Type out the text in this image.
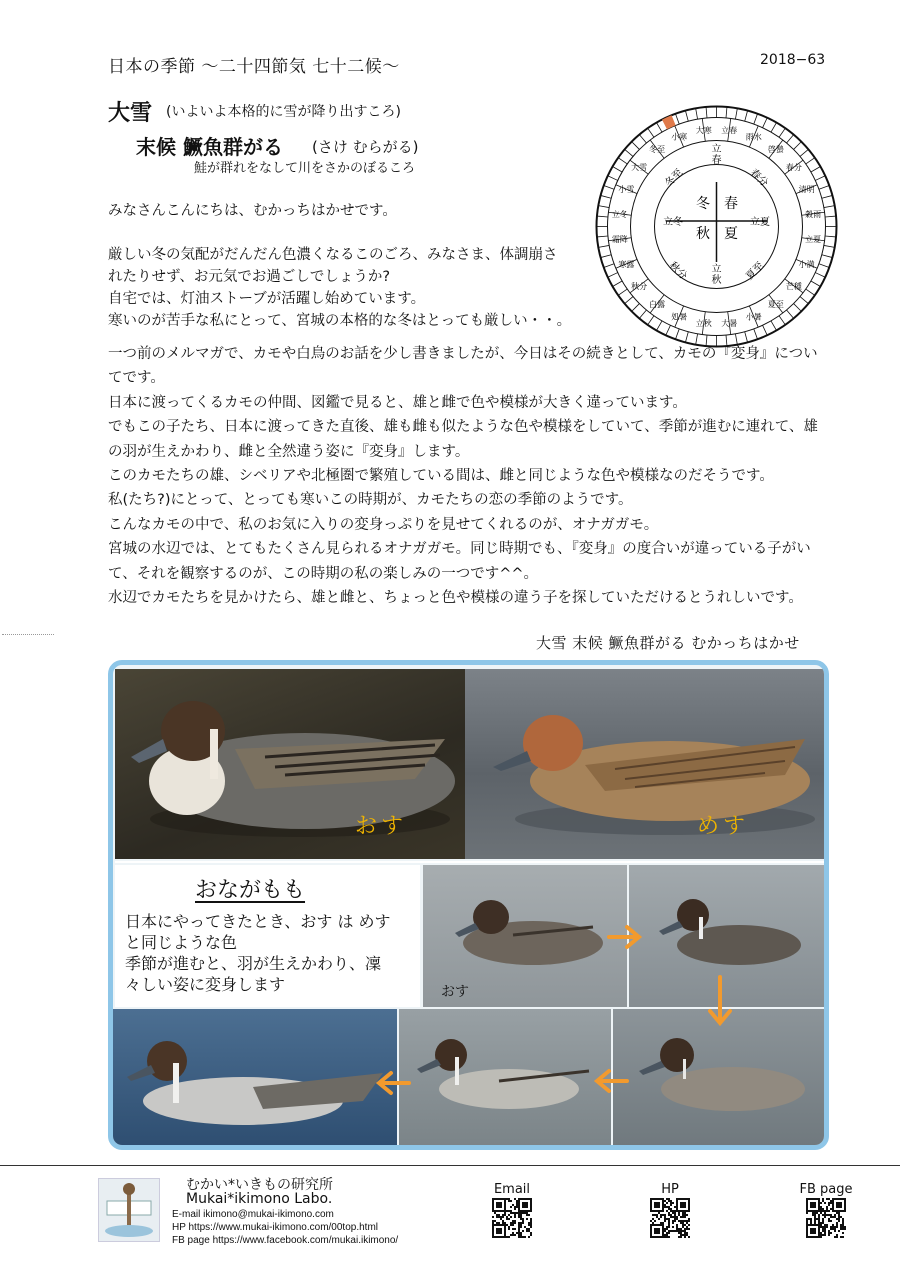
日本の季節 〜二十四節気 七十二候〜	2018−63
大雪 (いよいよ本格的に雪が降り出すころ)
末候 鱖魚群がる (さけ むらがる)
鮭が群れをなして川をさかのぼるころ

みなさんこんにちは、むかっちはかせです。

厳しい冬の気配がだんだん色濃くなるこのごろ、みなさま、体調崩さ

れたりせず、お元気でお過ごしでしょうか?

自宅では、灯油ストーブが活躍し始めています。

寒いのが苦手な私にとって、宮城の本格的な冬はとっても厳しい・・。

立春
雨水
啓蟄
春分
清明
穀雨
立夏
小満
芒種
夏至
小暑
大暑
立秋
処暑
白露
秋分
寒露
霜降
立冬
小雪
大雪
冬至
小寒
大寒
冬 春
秋 夏
立春
立夏
立秋
立冬
冬至	春分
夏至
秋分

一つ前のメルマガで、カモや白鳥のお話を少し書きましたが、今日はその続きとして、カモの『変身』につい

てです。

日本に渡ってくるカモの仲間、図鑑で見ると、雄と雌で色や模様が大きく違っています。

でもこの子たち、日本に渡ってきた直後、雄も雌も似たような色や模様をしていて、季節が進むに連れて、雄

の羽が生えかわり、雌と全然違う姿に『変身』します。

このカモたちの雄、シベリアや北極圏で繁殖している間は、雌と同じような色や模様なのだそうです。

私(たち?)にとって、とっても寒いこの時期が、カモたちの恋の季節のようです。

こんなカモの中で、私のお気に入りの変身っぷりを見せてくれるのが、オナガガモ。

宮城の水辺では、とてもたくさん見られるオナガガモ。同じ時期でも、『変身』の度合いが違っている子がい

て、それを観察するのが、この時期の私の楽しみの一つです^^。

水辺でカモたちを見かけたら、雄と雌と、ちょっと色や模様の違う子を探していただけるとうれしいです。

大雪 末候 鱖魚群がる むかっちはかせ
おす	めす
おながもも

日本にやってきたとき、おす は めす

と同じような色

季節が進むと、羽が生えかわり、凜

々しい姿に変身します	おす
むかい*いきもの研究所
Mukai*ikimono Labo.
E-mail ikimono@mukai-ikimono.com
HP https://www.mukai-ikimono.com/00top.html
FB page https://www.facebook.com/mukai.ikimono/
Email	HP	FB page
